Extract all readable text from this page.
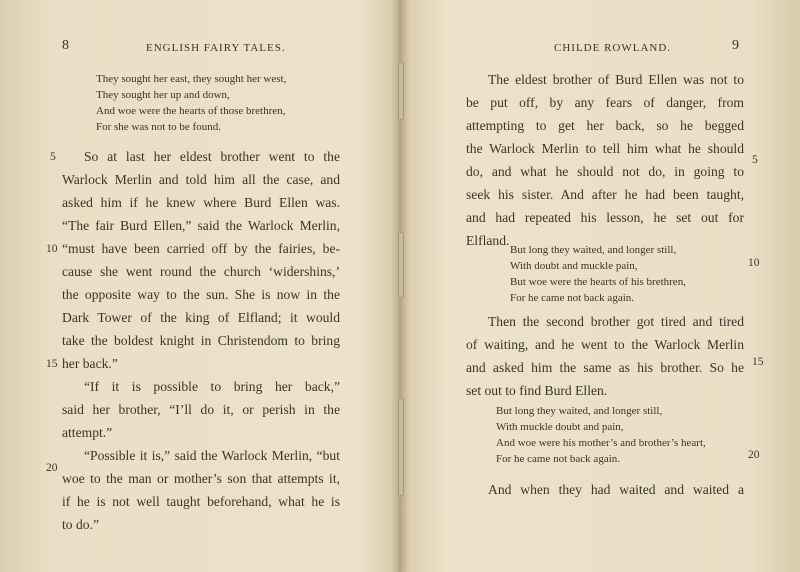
8	ENGLISH FAIRY TALES.
They sought her east, they sought her west,
They sought her up and down,
And woe were the hearts of those brethren,
For she was not to be found.
So at last her eldest brother went to the
Warlock Merlin and told him all the case, and
asked him if he knew where Burd Ellen was.
“The fair Burd Ellen,” said the Warlock Merlin,
“must have been carried off by the fairies, be-
cause she went round the church ‘widershins,’
the opposite way to the sun. She is now in the
Dark Tower of the king of Elfland; it would
take the boldest knight in Christendom to bring
her back.”
“If it is possible to bring her back,”
said her brother, “I’ll do it, or perish in the
attempt.”
“Possible it is,” said the Warlock Merlin, “but
woe to the man or mother’s son that attempts it,
if he is not well taught beforehand, what he is
to do.”
5
10
15
20
CHILDE ROWLAND.	9
The eldest brother of Burd Ellen was not to
be put off, by any fears of danger, from
attempting to get her back, so he begged
the Warlock Merlin to tell him what he should
do, and what he should not do, in going to
seek his sister. And after he had been taught,
and had repeated his lesson, he set out for
Elfland.
But long they waited, and longer still,
With doubt and muckle pain,
But woe were the hearts of his brethren,
For he came not back again.
Then the second brother got tired and tired
of waiting, and he went to the Warlock Merlin
and asked him the same as his brother. So he
set out to find Burd Ellen.
But long they waited, and longer still,
With muckle doubt and pain,
And woe were his mother’s and brother’s heart,
For he came not back again.
And when they had waited and waited a
5
10
15
20
